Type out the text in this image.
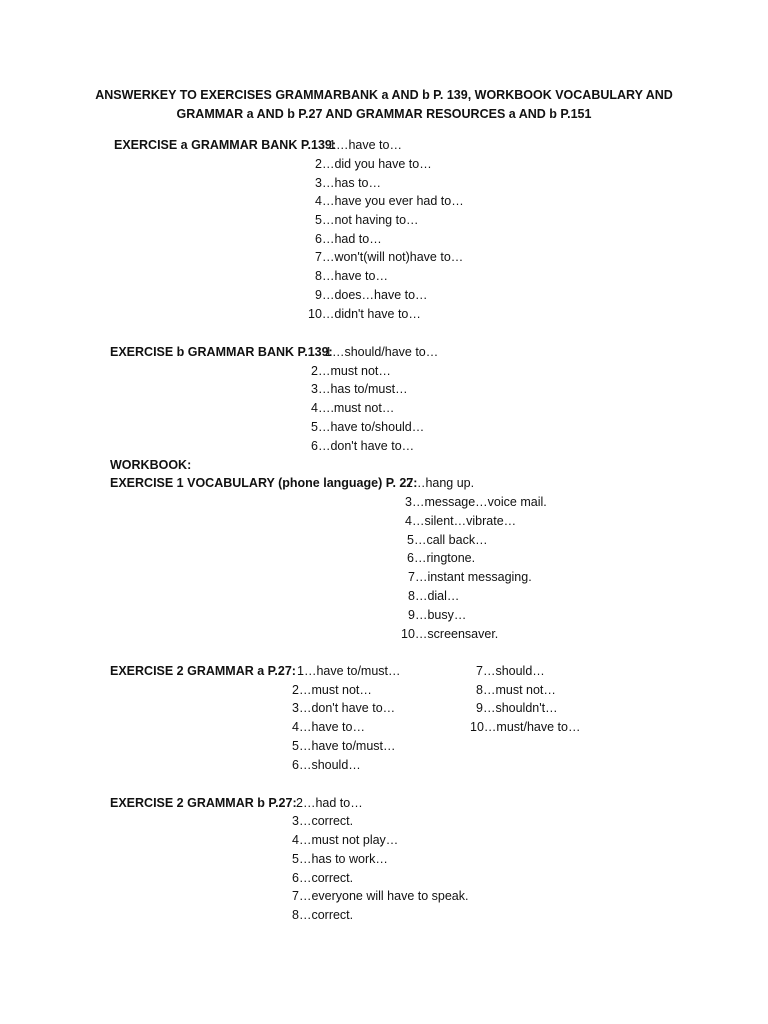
ANSWERKEY TO EXERCISES GRAMMARBANK a AND b P. 139, WORKBOOK VOCABULARY AND
GRAMMAR a AND b P.27 AND GRAMMAR RESOURCES a AND b P.151
EXERCISE a GRAMMAR BANK P.139:
1…have to…
2…did you have to…
3…has to…
4…have you ever had to…
5…not having to…
6…had to…
7…won't(will not)have to…
8…have to…
9…does…have to…
10…didn't have to…
EXERCISE b GRAMMAR BANK P.139:
1…should/have to…
2…must not…
3…has to/must…
4….must not…
5…have to/should…
6…don't have to…
WORKBOOK:
EXERCISE 1 VOCABULARY (phone language) P. 27:
2…hang up.
3…message…voice mail.
4…silent…vibrate…
5…call back…
6…ringtone.
7…instant messaging.
8…dial…
9…busy…
10…screensaver.
EXERCISE 2 GRAMMAR a P.27: 1…have to/must…
2…must not…
3…don't have to…
4…have to…
5…have to/must…
6…should…
7…should…
8…must not…
9…shouldn't…
10…must/have to…
EXERCISE 2 GRAMMAR b P.27: 2…had to…
3…correct.
4…must not play…
5…has to work…
6…correct.
7…everyone will have to speak.
8…correct.
